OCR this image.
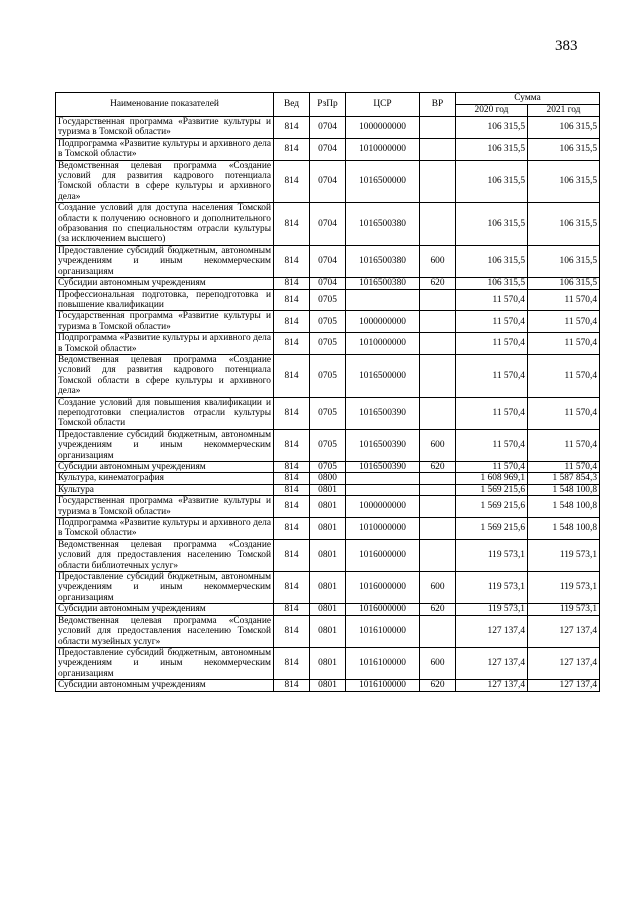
383
Наименование показателей	Вед	РзПр	ЦСР	ВР	Сумма	
					2020 год	2021 год
Государственная программа «Развитие культуры и туризма в Томской области»	814	0704	1000000000		106 315,5	106 315,5
Подпрограмма «Развитие культуры и архивного дела в Томской области»	814	0704	1010000000		106 315,5	106 315,5
Ведомственная целевая программа «Создание условий для развития кадрового потенциала Томской области в сфере культуры и архивного дела»	814	0704	1016500000		106 315,5	106 315,5
Создание условий для доступа населения Томской области к получению основного и дополнительного образования по специальностям отрасли культуры (за исключением высшего)	814	0704	1016500380		106 315,5	106 315,5
Предоставление субсидий бюджетным, автономным учреждениям и иным некоммерческим организациям	814	0704	1016500380	600	106 315,5	106 315,5
Субсидии автономным учреждениям	814	0704	1016500380	620	106 315,5	106 315,5
Профессиональная подготовка, переподготовка и повышение квалификации	814	0705			11 570,4	11 570,4
Государственная программа «Развитие культуры и туризма в Томской области»	814	0705	1000000000		11 570,4	11 570,4
Подпрограмма «Развитие культуры и архивного дела в Томской области»	814	0705	1010000000		11 570,4	11 570,4
Ведомственная целевая программа «Создание условий для развития кадрового потенциала Томской области в сфере культуры и архивного дела»	814	0705	1016500000		11 570,4	11 570,4
Создание условий для повышения квалификации и переподготовки специалистов отрасли культуры Томской области	814	0705	1016500390		11 570,4	11 570,4
Предоставление субсидий бюджетным, автономным учреждениям и иным некоммерческим организациям	814	0705	1016500390	600	11 570,4	11 570,4
Субсидии автономным учреждениям	814	0705	1016500390	620	11 570,4	11 570,4
Культура, кинематография	814	0800			1 608 969,1	1 587 854,3
Культура	814	0801			1 569 215,6	1 548 100,8
Государственная программа «Развитие культуры и туризма в Томской области»	814	0801	1000000000		1 569 215,6	1 548 100,8
Подпрограмма «Развитие культуры и архивного дела в Томской области»	814	0801	1010000000		1 569 215,6	1 548 100,8
Ведомственная целевая программа «Создание условий для предоставления населению Томской области библиотечных услуг»	814	0801	1016000000		119 573,1	119 573,1
Предоставление субсидий бюджетным, автономным учреждениям и иным некоммерческим организациям	814	0801	1016000000	600	119 573,1	119 573,1
Субсидии автономным учреждениям	814	0801	1016000000	620	119 573,1	119 573,1
Ведомственная целевая программа «Создание условий для предоставления населению Томской области музейных услуг»	814	0801	1016100000		127 137,4	127 137,4
Предоставление субсидий бюджетным, автономным учреждениям и иным некоммерческим организациям	814	0801	1016100000	600	127 137,4	127 137,4
Субсидии автономным учреждениям	814	0801	1016100000	620	127 137,4	127 137,4
